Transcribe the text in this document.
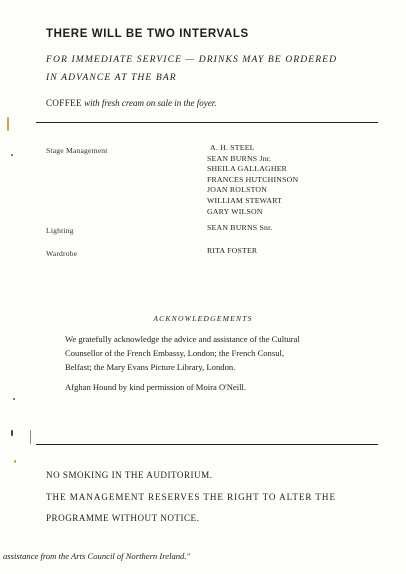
THERE WILL BE TWO INTERVALS
FOR IMMEDIATE SERVICE — DRINKS MAY BE ORDERED
IN ADVANCE AT THE BAR
COFFEE with fresh cream on sale in the foyer.
Stage Management	A. H. STEEL
SEAN BURNS Jnr.
SHEILA GALLAGHER
FRANCES HUTCHINSON
JOAN ROLSTON
WILLIAM STEWART
GARY WILSON
Lighting	SEAN BURNS Snr.
Wardrobe	RITA FOSTER
ACKNOWLEDGEMENTS
We gratefully acknowledge the advice and assistance of the Cultural
Counsellor of the French Embassy, London; the French Consul,
Belfast; the Mary Evans Picture Library, London.
Afghan Hound by kind permission of Moira O'Neill.
NO SMOKING IN THE AUDITORIUM.
THE MANAGEMENT RESERVES THE RIGHT TO ALTER THE
PROGRAMME WITHOUT NOTICE.
assistance from the Arts Council of Northern Ireland."
